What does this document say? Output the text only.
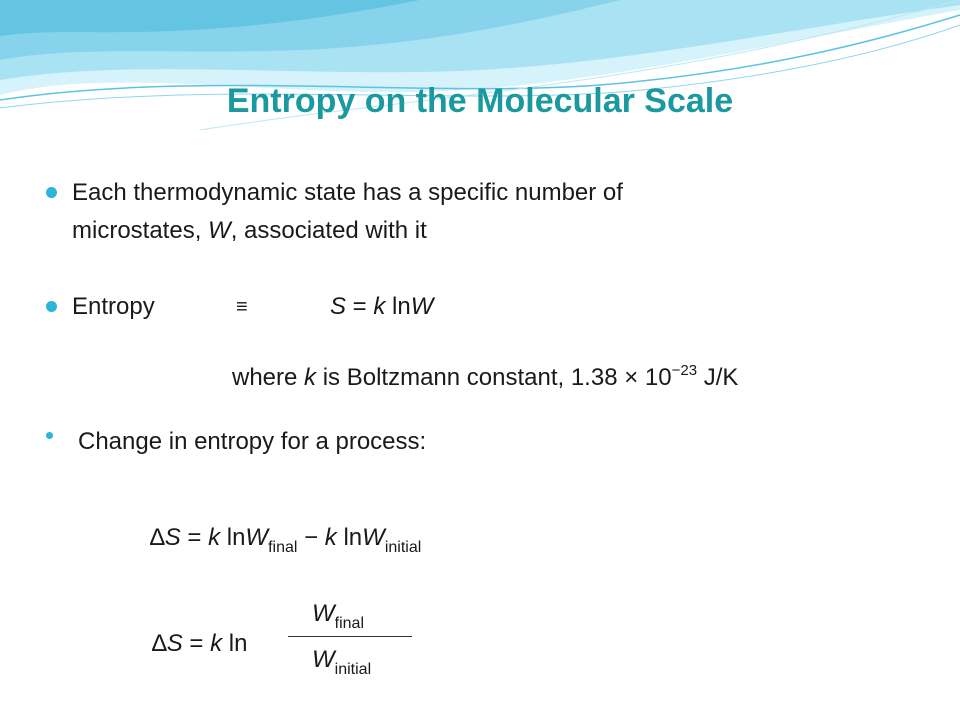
Entropy on the Molecular Scale
Each thermodynamic state has a specific number of
microstates, W, associated with it
Entropy	≡	S = k lnW
where k is Boltzmann constant, $1.38 \times 10^{-23}$ J/K
Change in entropy for a process:
∆S = k lnW$_{final}$ − k lnW$_{initial}$
∆S = k ln
$W_{final}$
$W_{initial}$
